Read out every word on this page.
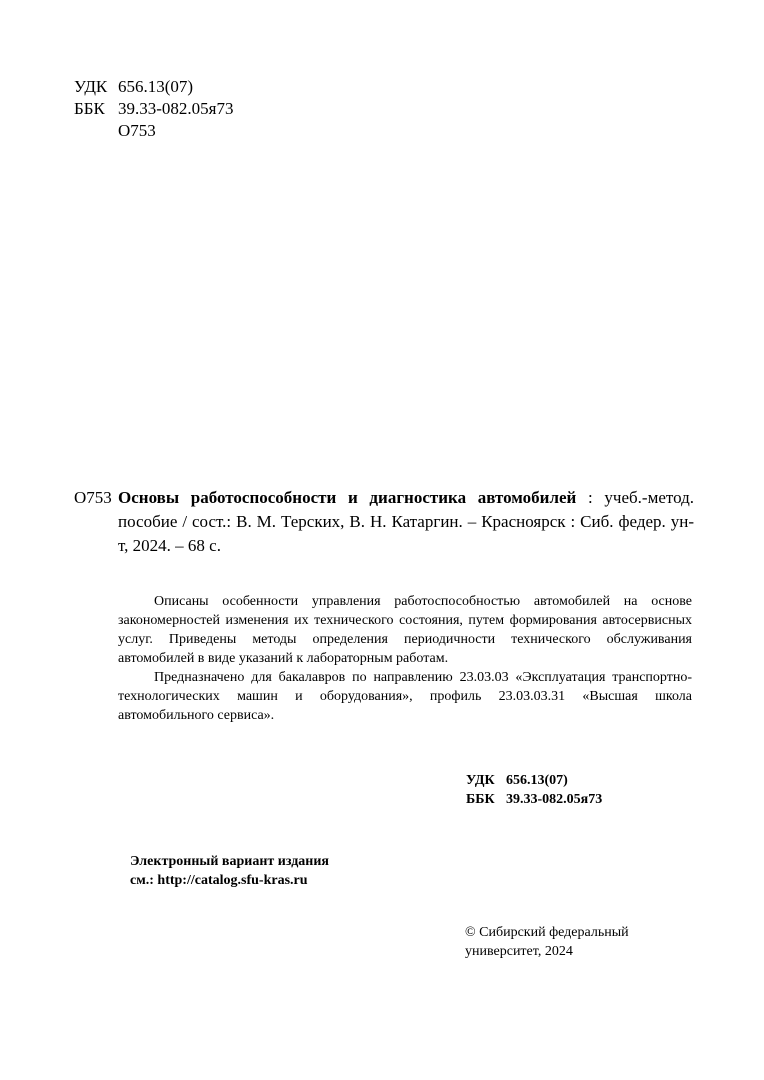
УДК 656.13(07)
ББК 39.33-082.05я73
О753
О753 Основы работоспособности и диагностика автомобилей : учеб.-метод. пособие / сост.: В. М. Терских, В. Н. Катаргин. – Красноярск : Сиб. федер. ун-т, 2024. – 68 с.

Описаны особенности управления работоспособностью автомобилей на основе закономерностей изменения их технического состояния, путем формирования автосервисных услуг. Приведены методы определения периодичности технического обслуживания автомобилей в виде указаний к лабораторным работам.

Предназначено для бакалавров по направлению 23.03.03 «Эксплуатация транспортно-технологических машин и оборудования», профиль 23.03.03.31 «Высшая школа автомобильного сервиса».

УДК 656.13(07)
ББК 39.33-082.05я73
Электронный вариант издания
см.: http://catalog.sfu-kras.ru
© Сибирский федеральный
университет, 2024
